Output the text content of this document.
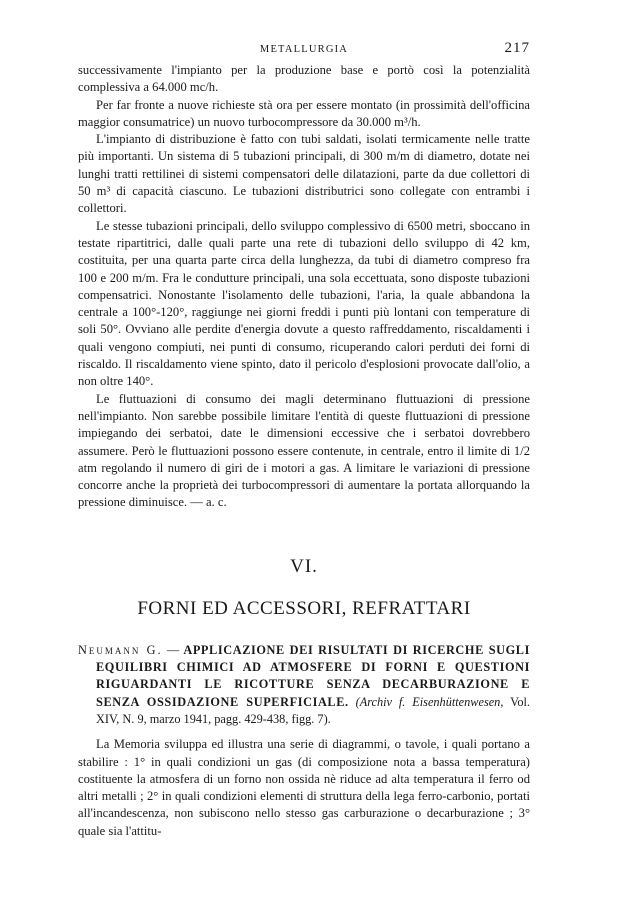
METALLURGIA	217

successivamente l'impianto per la produzione base e portò così la potenzialità complessiva a 64.000 mc/h.

Per far fronte a nuove richieste stà ora per essere montato (in prossimità dell'officina maggior consumatrice) un nuovo turbocompressore da 30.000 m³/h.

L'impianto di distribuzione è fatto con tubi saldati, isolati termicamente nelle tratte più importanti. Un sistema di 5 tubazioni principali, di 300 m/m di diametro, dotate nei lunghi tratti rettilinei di sistemi compensatori delle dilatazioni, parte da due collettori di 50 m³ di capacità ciascuno. Le tubazioni distributrici sono collegate con entrambi i collettori.

Le stesse tubazioni principali, dello sviluppo complessivo di 6500 metri, sboccano in testate ripartitrici, dalle quali parte una rete di tubazioni dello sviluppo di 42 km, costituita, per una quarta parte circa della lunghezza, da tubi di diametro compreso fra 100 e 200 m/m. Fra le condutture principali, una sola eccettuata, sono disposte tubazioni compensatrici. Nonostante l'isolamento delle tubazioni, l'aria, la quale abbandona la centrale a 100°-120°, raggiunge nei giorni freddi i punti più lontani con temperature di soli 50°. Ovviano alle perdite d'energia dovute a questo raffreddamento, riscaldamenti i quali vengono compiuti, nei punti di consumo, ricuperando calori perduti dei forni di riscaldo. Il riscaldamento viene spinto, dato il pericolo d'esplosioni provocate dall'olio, a non oltre 140°.

Le fluttuazioni di consumo dei magli determinano fluttuazioni di pressione nell'impianto. Non sarebbe possibile limitare l'entità di queste fluttuazioni di pressione impiegando dei serbatoi, date le dimensioni eccessive che i serbatoi dovrebbero assumere. Però le fluttuazioni possono essere contenute, in centrale, entro il limite di 1/2 atm regolando il numero di giri de i motori a gas. A limitare le variazioni di pressione concorre anche la proprietà dei turbocompressori di aumentare la portata allorquando la pressione diminuisce. — a. c.

VI.
FORNI ED ACCESSORI, REFRATTARI
Neumann G. — APPLICAZIONE DEI RISULTATI DI RICERCHE SUGLI EQUILIBRI CHIMICI AD ATMOSFERE DI FORNI E QUESTIONI RIGUARDANTI LE RICOTTURE SENZA DECARBURAZIONE E SENZA OSSIDAZIONE SUPERFICIALE. (Archiv f. Eisenhüttenwesen, Vol. XIV, N. 9, marzo 1941, pagg. 429-438, figg. 7).

La Memoria sviluppa ed illustra una serie di diagrammi, o tavole, i quali portano a stabilire : 1° in quali condizioni un gas (di composizione nota a bassa temperatura) costituente la atmosfera di un forno non ossida nè riduce ad alta temperatura il ferro od altri metalli ; 2° in quali condizioni elementi di struttura della lega ferro-carbonio, portati all'incandescenza, non subiscono nello stesso gas carburazione o decarburazione ; 3° quale sia l'attitu-
